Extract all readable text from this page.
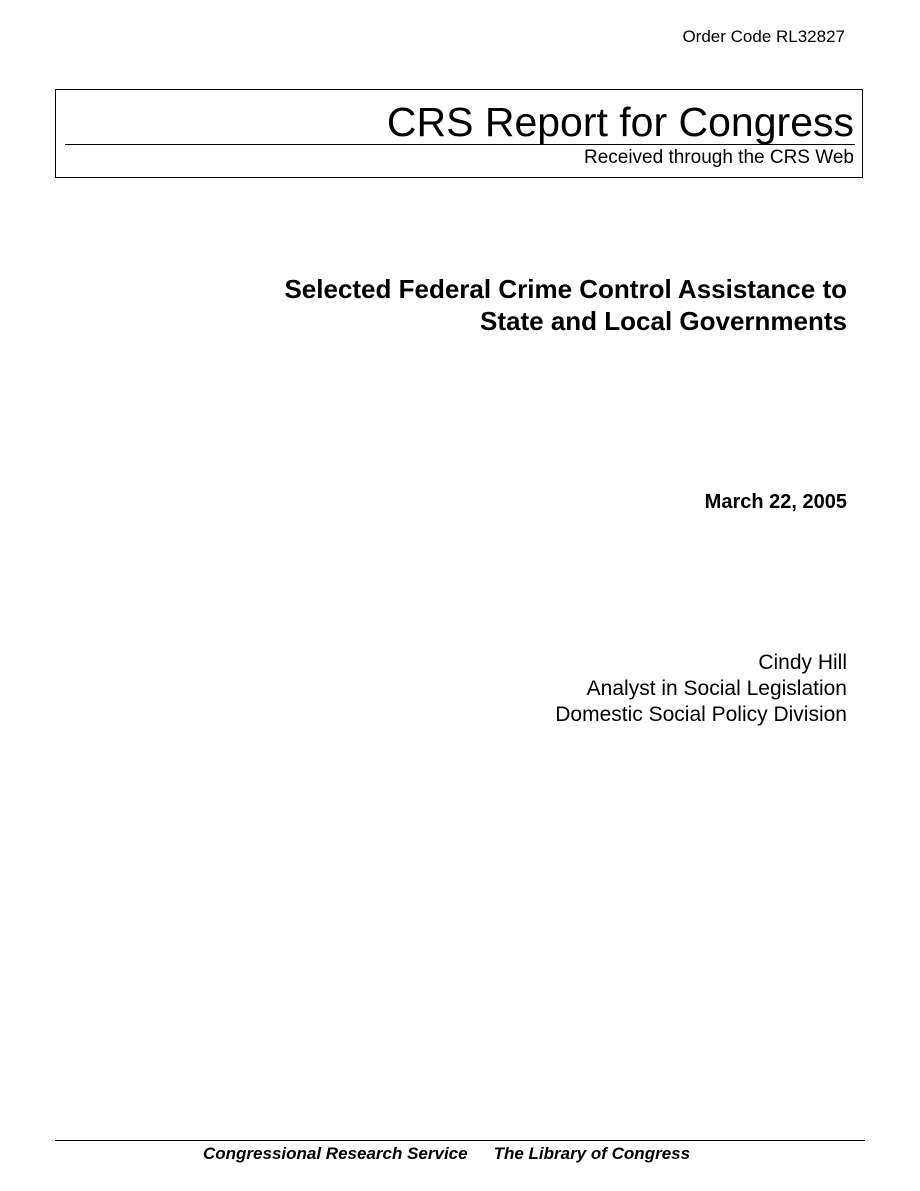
Order Code RL32827
CRS Report for Congress
Received through the CRS Web
Selected Federal Crime Control Assistance to
State and Local Governments
March 22, 2005
Cindy Hill
Analyst in Social Legislation
Domestic Social Policy Division
Congressional Research Service The Library of Congress
